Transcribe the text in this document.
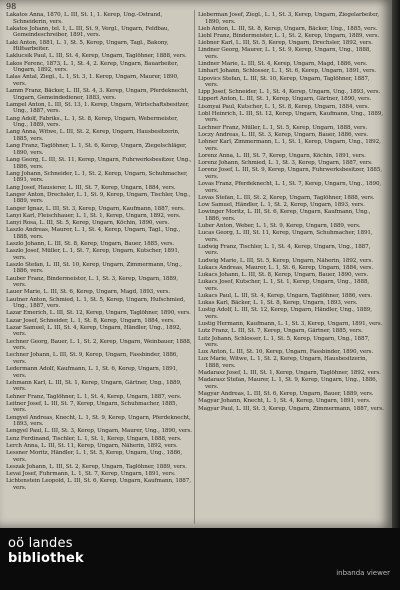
98
Lakatos Anna, 1870, L. III, St. 1, 1. Kerep, Ung.-Ostrand, Schneiderin, vers.
Lakatos Johann, tel. 1, L. III, St. 9, Vergl., Ungarn, Feldbau, Gemeindeschreiber, 1891, vers.
Laki Anton, 1881, L. 1, St. 5, Kerep, Ungarn, Tagl., Bakony, Hilfsarbeiter.
Laklucsik Paul, L. III, St. 4, Kerep, Ungarn, Taglöhner, 1888, vers.
Lakos Ferenc, 1873, L. 1, St. 4, 2. Kerep, Ungarn, Bauarbeiter, Ungarn, 1892, vers.
Lalas Antal, Ziegl., L. 1, St. 3, 1. Kerep, Ungarn, Maurer, 1890, vers.
Lamm Franz, Bäcker, L. III, St. 4, 3. Kerep, Ungarn, Pferdeknecht, Ungarn, Gemeindediener, 1883, vers.
Lampel Anton, L. III, St. 13, 1. Kerep, Ungarn, Wirtschaftsbesitzer, Ung., 1887, vers.
Lang Adolf, Fabriks., L. 1, St. 8, Kerep, Ungarn, Webermeister, Ung., 1889, vers.
Lang Anna, Witwe, L. III, St. 2, Kerep, Ungarn, Hausbesitzerin, 1885, vers.
Lang Franz, Taglöhner, L. 1, St. 6, Kerep, Ungarn, Ziegelschläger, 1890, vers.
Lang Georg, L. III, St. 11, Kerep, Ungarn, Fuhrwerksbesitzer, Ung., 1886, vers.
Lang Johann, Schneider, L. 1, St. 2, Kerep, Ungarn, Schuhmacher, 1891, vers.
Lang Josef, Hausierer, L. III, St. 7, Kerep, Ungarn, 1884, vers.
Langer Anton, Drechsler, L. 1, St. 9, Kerep, Ungarn, Tischler, Ung., 1889, vers.
Langer Ignaz, L. III, St. 3, Kerep, Ungarn, Kaufmann, 1887, vers.
Lanyi Karl, Fleischhauer, L. 1, St. 1, Kerep, Ungarn, 1892, vers.
Lanyi Rosa, L. III, St. 5, Kerep, Ungarn, Köchin, 1890, vers.
Laszlo Andreas, Maurer, L. 1, St. 4, Kerep, Ungarn, Tagl., Ung., 1888, vers.
Laszlo Johann, L. III, St. 8, Kerep, Ungarn, Bauer, 1885, vers.
Laszlo Josef, Müller, L. 1, St. 7, Kerep, Ungarn, Kutscher, 1891, vers.
Laszlo Stefan, L. III, St. 10, Kerep, Ungarn, Zimmermann, Ung., 1886, vers.
Lauber Franz, Bindermeister, L. 1, St. 3, Kerep, Ungarn, 1889, vers.
Lauer Marie, L. III, St. 6, Kerep, Ungarn, Magd, 1893, vers.
Lautner Anton, Schmied, L. 1, St. 5, Kerep, Ungarn, Hufschmied, Ung., 1887, vers.
Lazar Emerich, L. III, St. 12, Kerep, Ungarn, Taglöhner, 1890, vers.
Lazar Josef, Schneider, L. 1, St. 8, Kerep, Ungarn, 1884, vers.
Lazar Samuel, L. III, St. 4, Kerep, Ungarn, Händler, Ung., 1892, vers.
Lechner Georg, Bauer, L. 1, St. 2, Kerep, Ungarn, Weinbauer, 1888, vers.
Lechner Johann, L. III, St. 9, Kerep, Ungarn, Fassbinder, 1886, vers.
Ledermann Adolf, Kaufmann, L. 1, St. 6, Kerep, Ungarn, 1891, vers.
Lehmann Karl, L. III, St. 1, Kerep, Ungarn, Gärtner, Ung., 1889, vers.
Lehner Franz, Taglöhner, L. 1, St. 4, Kerep, Ungarn, 1887, vers.
Leitner Josef, L. III, St. 7, Kerep, Ungarn, Schuhmacher, 1885, vers.
Lengyel Andreas, Knecht, L. 1, St. 9, Kerep, Ungarn, Pferdeknecht, 1893, vers.
Lengyel Paul, L. III, St. 3, Kerep, Ungarn, Maurer, Ung., 1890, vers.
Lenz Ferdinand, Tischler, L. 1, St. 1, Kerep, Ungarn, 1888, vers.
Lerch Anna, L. III, St. 11, Kerep, Ungarn, Näherin, 1892, vers.
Lessner Moritz, Händler, L. 1, St. 5, Kerep, Ungarn, Ung., 1886, vers.
Leszak Johann, L. III, St. 2, Kerep, Ungarn, Taglöhner, 1889, vers.
Levai Josef, Fuhrmann, L. 1, St. 7, Kerep, Ungarn, 1891, vers.
Lichtenstein Leopold, L. III, St. 6, Kerep, Ungarn, Kaufmann, 1887, vers.
Lieberman Josef, Ziegl., L. 1, St. 3, Kerep, Ungarn, Ziegelarbeiter, 1890, vers.
Lieb Anton, L. III, St. 8, Kerep, Ungarn, Bäcker, Ung., 1885, vers.
Liebl Franz, Bindermeister, L. 1, St. 2, Kerep, Ungarn, 1889, vers.
Liebner Karl, L. III, St. 5, Kerep, Ungarn, Drechsler, 1892, vers.
Lindner Georg, Maurer, L. 1, St. 9, Kerep, Ungarn, Ung., 1888, vers.
Lindner Marie, L. III, St. 4, Kerep, Ungarn, Magd, 1886, vers.
Linhart Johann, Schlosser, L. 1, St. 6, Kerep, Ungarn, 1891, vers.
Lipovics Stefan, L. III, St. 10, Kerep, Ungarn, Taglöhner, 1887, vers.
Lipp Josef, Schneider, L. 1, St. 4, Kerep, Ungarn, Ung., 1893, vers.
Lippert Anton, L. III, St. 1, Kerep, Ungarn, Gärtner, 1890, vers.
Lisznyai Paul, Kutscher, L. 1, St. 8, Kerep, Ungarn, 1884, vers.
Lobl Heinrich, L. III, St. 12, Kerep, Ungarn, Kaufmann, Ung., 1889, vers.
Lochner Franz, Müller, L. 1, St. 5, Kerep, Ungarn, 1888, vers.
Loczy Andreas, L. III, St. 3, Kerep, Ungarn, Bauer, 1886, vers.
Lohner Karl, Zimmermann, L. 1, St. 1, Kerep, Ungarn, Ung., 1892, vers.
Lorenz Anna, L. III, St. 7, Kerep, Ungarn, Köchin, 1891, vers.
Lorenz Johann, Schmied, L. 1, St. 3, Kerep, Ungarn, 1887, vers.
Lorenz Josef, L. III, St. 9, Kerep, Ungarn, Fuhrwerksbesitzer, 1885, vers.
Lovas Franz, Pferdeknecht, L. 1, St. 7, Kerep, Ungarn, Ung., 1890, vers.
Lovas Stefan, L. III, St. 2, Kerep, Ungarn, Taglöhner, 1888, vers.
Low Samuel, Händler, L. 1, St. 2, Kerep, Ungarn, 1893, vers.
Lowinger Moritz, L. III, St. 6, Kerep, Ungarn, Kaufmann, Ung., 1886, vers.
Luber Anton, Weber, L. 1, St. 9, Kerep, Ungarn, 1889, vers.
Lucas Georg, L. III, St. 11, Kerep, Ungarn, Schuhmacher, 1891, vers.
Ludwig Franz, Tischler, L. 1, St. 4, Kerep, Ungarn, Ung., 1887, vers.
Ludwig Marie, L. III, St. 5, Kerep, Ungarn, Näherin, 1892, vers.
Lukacs Andreas, Maurer, L. 1, St. 6, Kerep, Ungarn, 1884, vers.
Lukacs Johann, L. III, St. 8, Kerep, Ungarn, Bauer, 1890, vers.
Lukacs Josef, Kutscher, L. 1, St. 1, Kerep, Ungarn, Ung., 1888, vers.
Lukacs Paul, L. III, St. 4, Kerep, Ungarn, Taglöhner, 1886, vers.
Lukas Karl, Bäcker, L. 1, St. 8, Kerep, Ungarn, 1893, vers.
Lustig Adolf, L. III, St. 12, Kerep, Ungarn, Händler, Ung., 1889, vers.
Lustig Hermann, Kaufmann, L. 1, St. 3, Kerep, Ungarn, 1891, vers.
Lutz Franz, L. III, St. 7, Kerep, Ungarn, Gärtner, 1885, vers.
Lutz Johann, Schlosser, L. 1, St. 5, Kerep, Ungarn, Ung., 1887, vers.
Lux Anton, L. III, St. 10, Kerep, Ungarn, Fassbinder, 1890, vers.
Lux Marie, Witwe, L. 1, St. 2, Kerep, Ungarn, Hausbesitzerin, 1888, vers.
Madarasz Josef, L. III, St. 1, Kerep, Ungarn, Taglöhner, 1892, vers.
Madarasz Stefan, Maurer, L. 1, St. 9, Kerep, Ungarn, Ung., 1886, vers.
Magyar Andreas, L. III, St. 6, Kerep, Ungarn, Bauer, 1889, vers.
Magyar Johann, Knecht, L. 1, St. 4, Kerep, Ungarn, 1891, vers.
Magyar Paul, L. III, St. 3, Kerep, Ungarn, Zimmermann, 1887, vers.
oö landes
bibliothek
inbanda viewer
